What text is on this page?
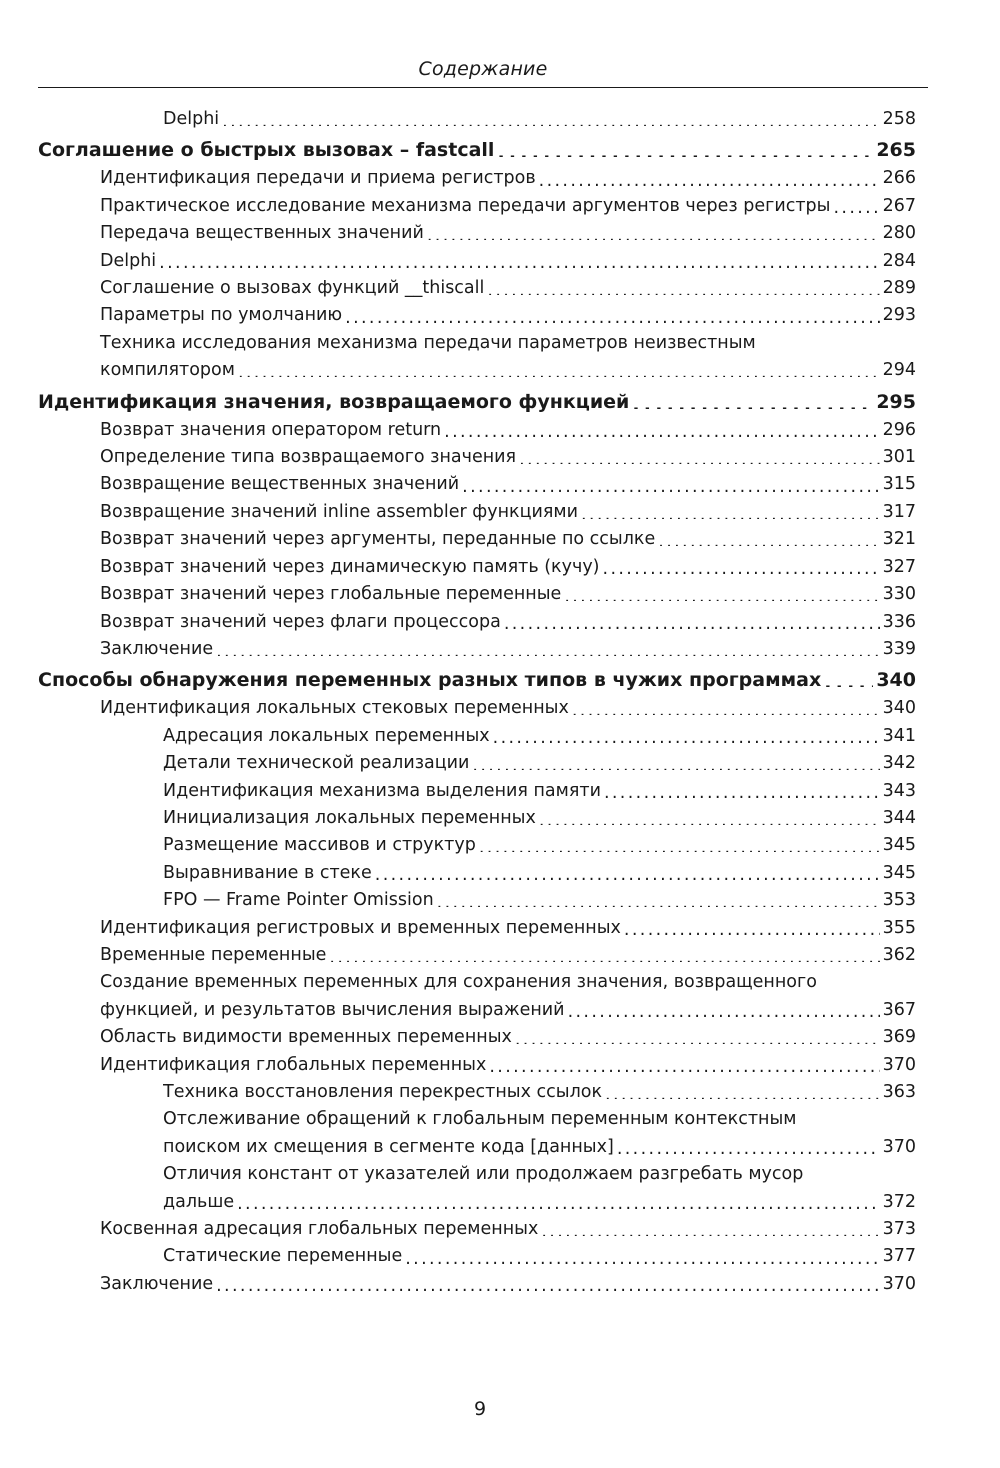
Содержание
Delphi	258
. . .
Соглашение о быстрых вызовах – fastcall	265
. . .
Идентификация передачи и приема регистров	266
. . .
Практическое исследование механизма передачи аргументов через регистры	267
. . .
Передача вещественных значений	280
. . .
Delphi	284
. . .
Соглашение о вызовах функций __thiscall	289
. . .
Параметры по умолчанию	293
. . .
Техника исследования механизма передачи параметров неизвестным
компилятором	294
. . .
Идентификация значения, возвращаемого функцией	295
. . .
Возврат значения оператором return	296
. . .
Определение типа возвращаемого значения	301
. . .
Возвращение вещественных значений	315
. . .
Возвращение значений inline assembler функциями	317
. . .
Возврат значений через аргументы, переданные по ссылке	321
. . .
Возврат значений через динамическую память (кучу)	327
. . .
Возврат значений через глобальные переменные	330
. . .
Возврат значений через флаги процессора	336
. . .
Заключение	339
. . .
Способы обнаружения переменных разных типов в чужих программах	340
. . .
Идентификация локальных стековых переменных	340
. . .
Адресация локальных переменных	341
. . .
Детали технической реализации	342
. . .
Идентификация механизма выделения памяти	343
. . .
Инициализация локальных переменных	344
. . .
Размещение массивов и структур	345
. . .
Выравнивание в стеке	345
. . .
FPO — Frame Pointer Omission	353
. . .
Идентификация регистровых и временных переменных	355
. . .
Временные переменные	362
. . .
Создание временных переменных для сохранения значения, возвращенного
функцией, и результатов вычисления выражений	367
. . .
Область видимости временных переменных	369
. . .
Идентификация глобальных переменных	370
. . .
Техника восстановления перекрестных ссылок	363
. . .
Отслеживание обращений к глобальным переменным контекстным
поиском их смещения в сегменте кода [данных]	370
. . .
Отличия констант от указателей или продолжаем разгребать мусор
дальше	372
. . .
Косвенная адресация глобальных переменных	373
. . .
Статические переменные	377
. . .
Заключение	370
. . .
9
